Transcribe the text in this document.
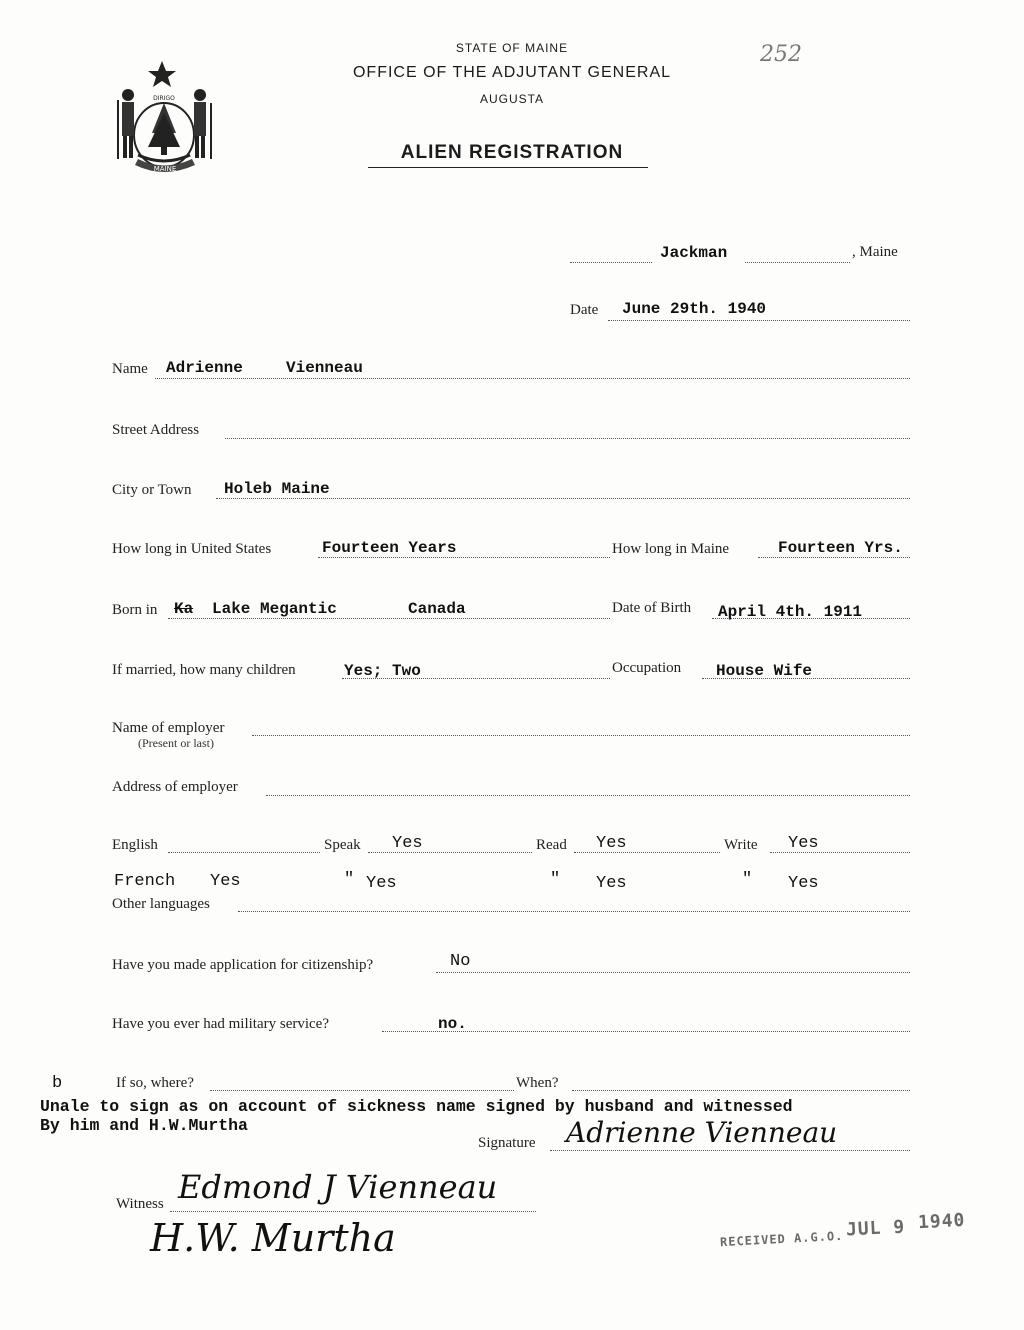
MAINE
DIRIGO
STATE OF MAINE
OFFICE OF THE ADJUTANT GENERAL
AUGUSTA
ALIEN REGISTRATION
252
Jackman	, Maine
Date June 29th. 1940
Name Adrienne	Vienneau
Street Address
City or Town Holeb Maine
How long in United States	Fourteen Years	How long in Maine	Fourteen Yrs.
Born in Ka Lake Megantic	Canada	Date of Birth April 4th. 1911
If married, how many children	Yes; Two	Occupation House Wife
Name of employer
(Present or last)
Address of employer
English	Speak Yes	Read Yes	Write Yes
French Yes	" Yes	" Yes	" Yes
Other languages
Have you made application for citizenship?	No
Have you ever had military service?	no.
b	If so, where?	When?
Unale to sign as on account of sickness name signed by husband and witnessed
By him and H.W.Murtha
Signature Adrienne Vienneau
Witness Edmond J Vienneau
H.W. Murtha	RECEIVED A.G.O. JUL 9 1940
